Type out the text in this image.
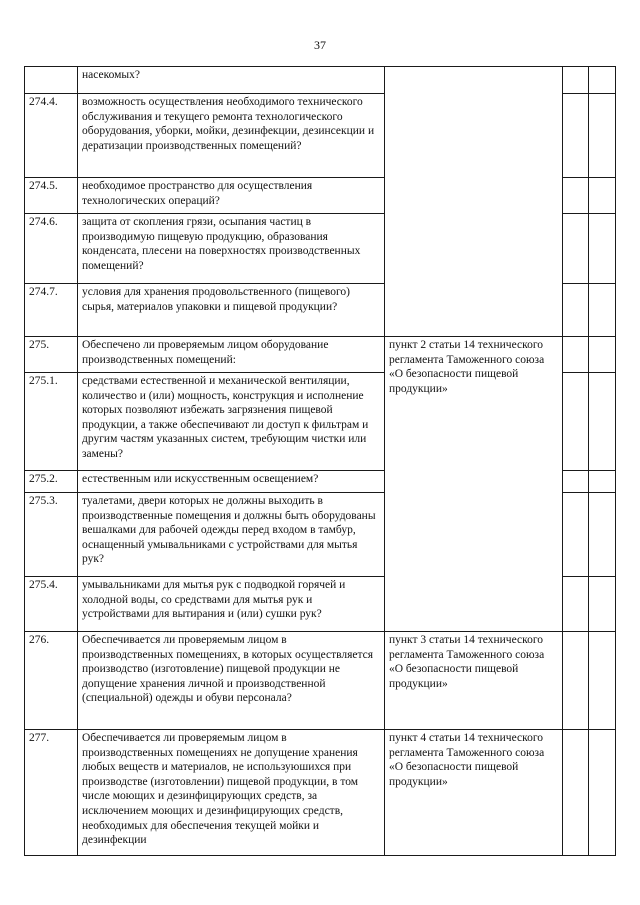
37
	насекомых?			
274.4.	возможность осуществления необходимого технического обслуживания и текущего ремонта технологического оборудования, уборки, мойки, дезинфекции, дезинсекции и дератизации производственных помещений?			
274.5.	необходимое пространство для осуществления технологических операций?			
274.6.	защита от скопления грязи, осыпания частиц в производимую пищевую продукцию, образования конденсата, плесени на поверхностях производственных помещений?			
274.7.	условия для хранения продовольственного (пищевого) сырья, материалов упаковки и пищевой продукции?			
275.	Обеспечено ли проверяемым лицом оборудование производственных помещений:	пункт 2 статьи 14 технического регламента Таможенного союза «О безопасности пищевой продукции»		
275.1.	средствами естественной и механической вентиляции, количество и (или) мощность, конструкция и исполнение которых позволяют избежать загрязнения пищевой продукции, а также обеспечивают ли доступ к фильтрам и другим частям указанных систем, требующим чистки или замены?			
275.2.	естественным или искусственным освещением?			
275.3.	туалетами, двери которых не должны выходить в производственные помещения и должны быть оборудованы вешалками для рабочей одежды перед входом в тамбур, оснащенный умывальниками с устройствами для мытья рук?			
275.4.	умывальниками для мытья рук с подводкой горячей и холодной воды, со средствами для мытья рук и устройствами для вытирания и (или) сушки рук?			
276.	Обеспечивается ли проверяемым лицом в производственных помещениях, в которых осуществляется производство (изготовление) пищевой продукции не допущение хранения личной и производственной (специальной) одежды и обуви персонала?	пункт 3 статьи 14 технического регламента Таможенного союза «О безопасности пищевой продукции»		
277.	Обеспечивается ли проверяемым лицом в производственных помещениях не допущение хранения любых веществ и материалов, не используюшихся при производстве (изготовлении) пищевой продукции, в том числе моющих и дезинфицирующих средств, за исключением моющих и дезинфицирующих средств, необходимых для обеспечения текущей мойки и дезинфекции	пункт 4 статьи 14 технического регламента Таможенного союза «О безопасности пищевой продукции»		
